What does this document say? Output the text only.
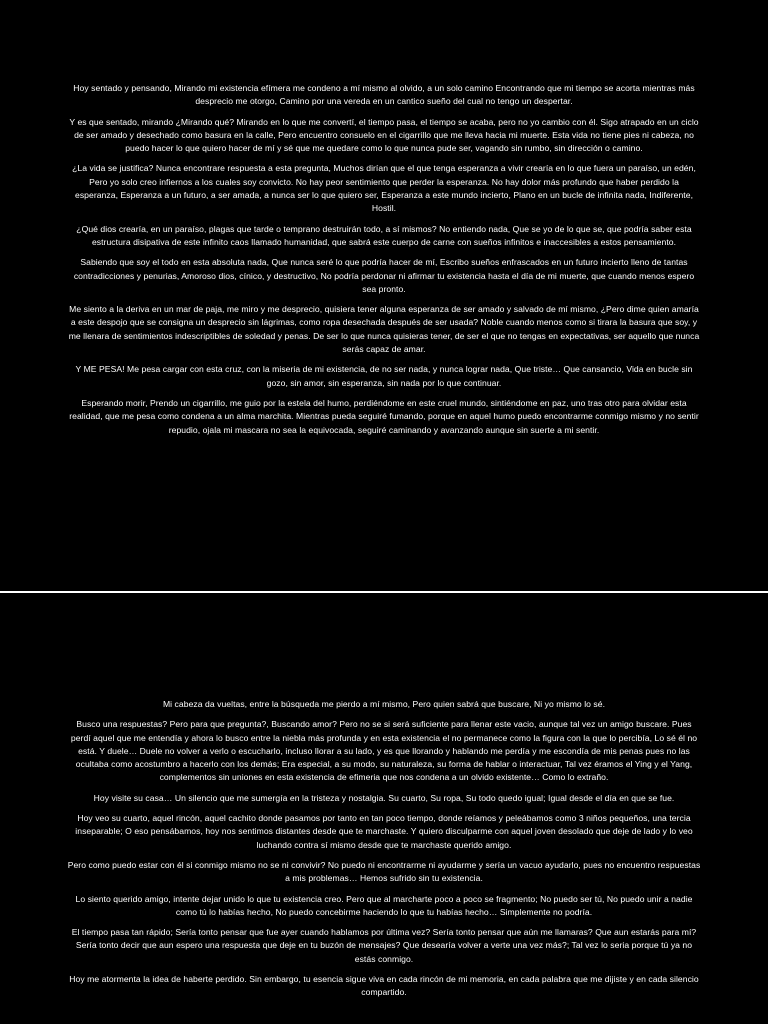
Hoy sentado y pensando, Mirando mi existencia efímera me condeno a mí mismo al olvido, a un solo camino Encontrando que mi tiempo se acorta mientras más desprecio me otorgo, Camino por una vereda en un cantico sueño del cual no tengo un despertar.

Y es que sentado, mirando ¿Mirando qué? Mirando en lo que me convertí, el tiempo pasa, el tiempo se acaba, pero no yo cambio con él. Sigo atrapado en un ciclo de ser amado y desechado como basura en la calle, Pero encuentro consuelo en el cigarrillo que me lleva hacia mi muerte. Esta vida no tiene pies ni cabeza, no puedo hacer lo que quiero hacer de mí y sé que me quedare como lo que nunca pude ser, vagando sin rumbo, sin dirección o camino.

¿La vida se justifica? Nunca encontrare respuesta a esta pregunta, Muchos dirían que el que tenga esperanza a vivir crearía en lo que fuera un paraíso, un edén, Pero yo solo creo infiernos a los cuales soy convicto. No hay peor sentimiento que perder la esperanza. No hay dolor más profundo que haber perdido la esperanza, Esperanza a un futuro, a ser amada, a nunca ser lo que quiero ser, Esperanza a este mundo incierto, Plano en un bucle de infinita nada, Indiferente, Hostil.

¿Qué dios crearía, en un paraíso, plagas que tarde o temprano destruirán todo, a sí mismos? No entiendo nada, Que se yo de lo que se, que podría saber esta estructura disipativa de este infinito caos llamado humanidad, que sabrá este cuerpo de carne con sueños infinitos e inaccesibles a estos pensamiento.

Sabiendo que soy el todo en esta absoluta nada, Que nunca seré lo que podría hacer de mí, Escribo sueños enfrascados en un futuro incierto lleno de tantas contradicciones y penurias, Amoroso dios, cínico, y destructivo, No podría perdonar ni afirmar tu existencia hasta el día de mi muerte, que cuando menos espero sea pronto.

Me siento a la deriva en un mar de paja, me miro y me desprecio, quisiera tener alguna esperanza de ser amado y salvado de mí mismo, ¿Pero dime quien amaría a este despojo que se consigna un desprecio sin lágrimas, como ropa desechada después de ser usada? Noble cuando menos como si tirara la basura que soy, y me llenara de sentimientos indescriptibles de soledad y penas. De ser lo que nunca quisieras tener, de ser el que no tengas en expectativas, ser aquello que nunca serás capaz de amar.

Y ME PESA! Me pesa cargar con esta cruz, con la miseria de mi existencia, de no ser nada, y nunca lograr nada, Que triste… Que cansancio, Vida en bucle sin gozo, sin amor, sin esperanza, sin nada por lo que continuar.

Esperando morir, Prendo un cigarrillo, me guio por la estela del humo, perdiéndome en este cruel mundo, sintiéndome en paz, uno tras otro para olvidar esta realidad, que me pesa como condena a un alma marchita. Mientras pueda seguiré fumando, porque en aquel humo puedo encontrarme conmigo mismo y no sentir repudio, ojala mi mascara no sea la equivocada, seguiré caminando y avanzando aunque sin suerte a mi sentir.

Mi cabeza da vueltas, entre la búsqueda me pierdo a mí mismo, Pero quien sabrá que buscare, Ni yo mismo lo sé.

Busco una respuestas? Pero para que pregunta?, Buscando amor? Pero no se si será suficiente para llenar este vacio, aunque tal vez un amigo buscare. Pues perdí aquel que me entendía y ahora lo busco entre la niebla más profunda y en esta existencia el no permanece como la figura con la que lo percibía, Lo sé él no está. Y duele… Duele no volver a verlo o escucharlo, incluso llorar a su lado, y es que llorando y hablando me perdía y me escondía de mis penas pues no las ocultaba como acostumbro a hacerlo con los demás; Era especial, a su modo, su naturaleza, su forma de hablar o interactuar, Tal vez éramos el Ying y el Yang, complementos sin uniones en esta existencia de efimeria que nos condena a un olvido existente… Como lo extraño.

Hoy visite su casa… Un silencio que me sumergía en la tristeza y nostalgia. Su cuarto, Su ropa, Su todo quedo igual; Igual desde el día en que se fue.

Hoy veo su cuarto, aquel rincón, aquel cachito donde pasamos por tanto en tan poco tiempo, donde reíamos y peleábamos como 3 niños pequeños, una tercia inseparable; O eso pensábamos, hoy nos sentimos distantes desde que te marchaste. Y quiero disculparme con aquel joven desolado que deje de lado y lo veo luchando contra sí mismo desde que te marchaste querido amigo.

Pero como puedo estar con él si conmigo mismo no se ni convivir? No puedo ni encontrarme ni ayudarme y sería un vacuo ayudarlo, pues no encuentro respuestas a mis problemas… Hemos sufrido sin tu existencia.

Lo siento querido amigo, intente dejar unido lo que tu existencia creo. Pero que al marcharte poco a poco se fragmento; No puedo ser tú, No puedo unir a nadie como tú lo habías hecho, No puedo concebirme haciendo lo que tu habías hecho… Simplemente no podría.

El tiempo pasa tan rápido; Sería tonto pensar que fue ayer cuando hablamos por última vez? Sería tonto pensar que aún me llamaras? Que aun estarás para mí? Sería tonto decir que aun espero una respuesta que deje en tu buzón de mensajes? Que desearía volver a verte una vez más?; Tal vez lo seria porque tú ya no estás conmigo.

Hoy me atormenta la idea de haberte perdido. Sin embargo, tu esencia sigue viva en cada rincón de mi memoria, en cada palabra que me dijiste y en cada silencio compartido.
